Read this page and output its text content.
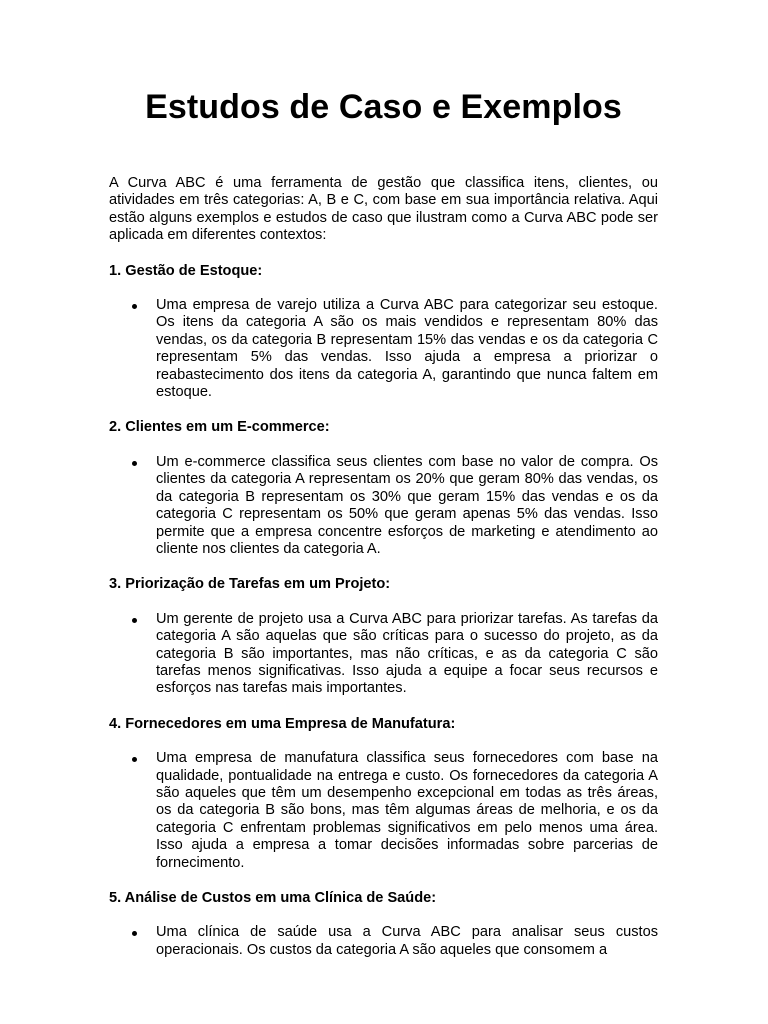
Estudos de Caso e Exemplos

A Curva ABC é uma ferramenta de gestão que classifica itens, clientes, ou atividades em três categorias: A, B e C, com base em sua importância relativa. Aqui estão alguns exemplos e estudos de caso que ilustram como a Curva ABC pode ser aplicada em diferentes contextos:

1. Gestão de Estoque:

Uma empresa de varejo utiliza a Curva ABC para categorizar seu estoque. Os itens da categoria A são os mais vendidos e representam 80% das vendas, os da categoria B representam 15% das vendas e os da categoria C representam 5% das vendas. Isso ajuda a empresa a priorizar o reabastecimento dos itens da categoria A, garantindo que nunca faltem em estoque.

2. Clientes em um E-commerce:

Um e-commerce classifica seus clientes com base no valor de compra. Os clientes da categoria A representam os 20% que geram 80% das vendas, os da categoria B representam os 30% que geram 15% das vendas e os da categoria C representam os 50% que geram apenas 5% das vendas. Isso permite que a empresa concentre esforços de marketing e atendimento ao cliente nos clientes da categoria A.

3. Priorização de Tarefas em um Projeto:

Um gerente de projeto usa a Curva ABC para priorizar tarefas. As tarefas da categoria A são aquelas que são críticas para o sucesso do projeto, as da categoria B são importantes, mas não críticas, e as da categoria C são tarefas menos significativas. Isso ajuda a equipe a focar seus recursos e esforços nas tarefas mais importantes.

4. Fornecedores em uma Empresa de Manufatura:

Uma empresa de manufatura classifica seus fornecedores com base na qualidade, pontualidade na entrega e custo. Os fornecedores da categoria A são aqueles que têm um desempenho excepcional em todas as três áreas, os da categoria B são bons, mas têm algumas áreas de melhoria, e os da categoria C enfrentam problemas significativos em pelo menos uma área. Isso ajuda a empresa a tomar decisões informadas sobre parcerias de fornecimento.

5. Análise de Custos em uma Clínica de Saúde:

Uma clínica de saúde usa a Curva ABC para analisar seus custos operacionais. Os custos da categoria A são aqueles que consomem a
